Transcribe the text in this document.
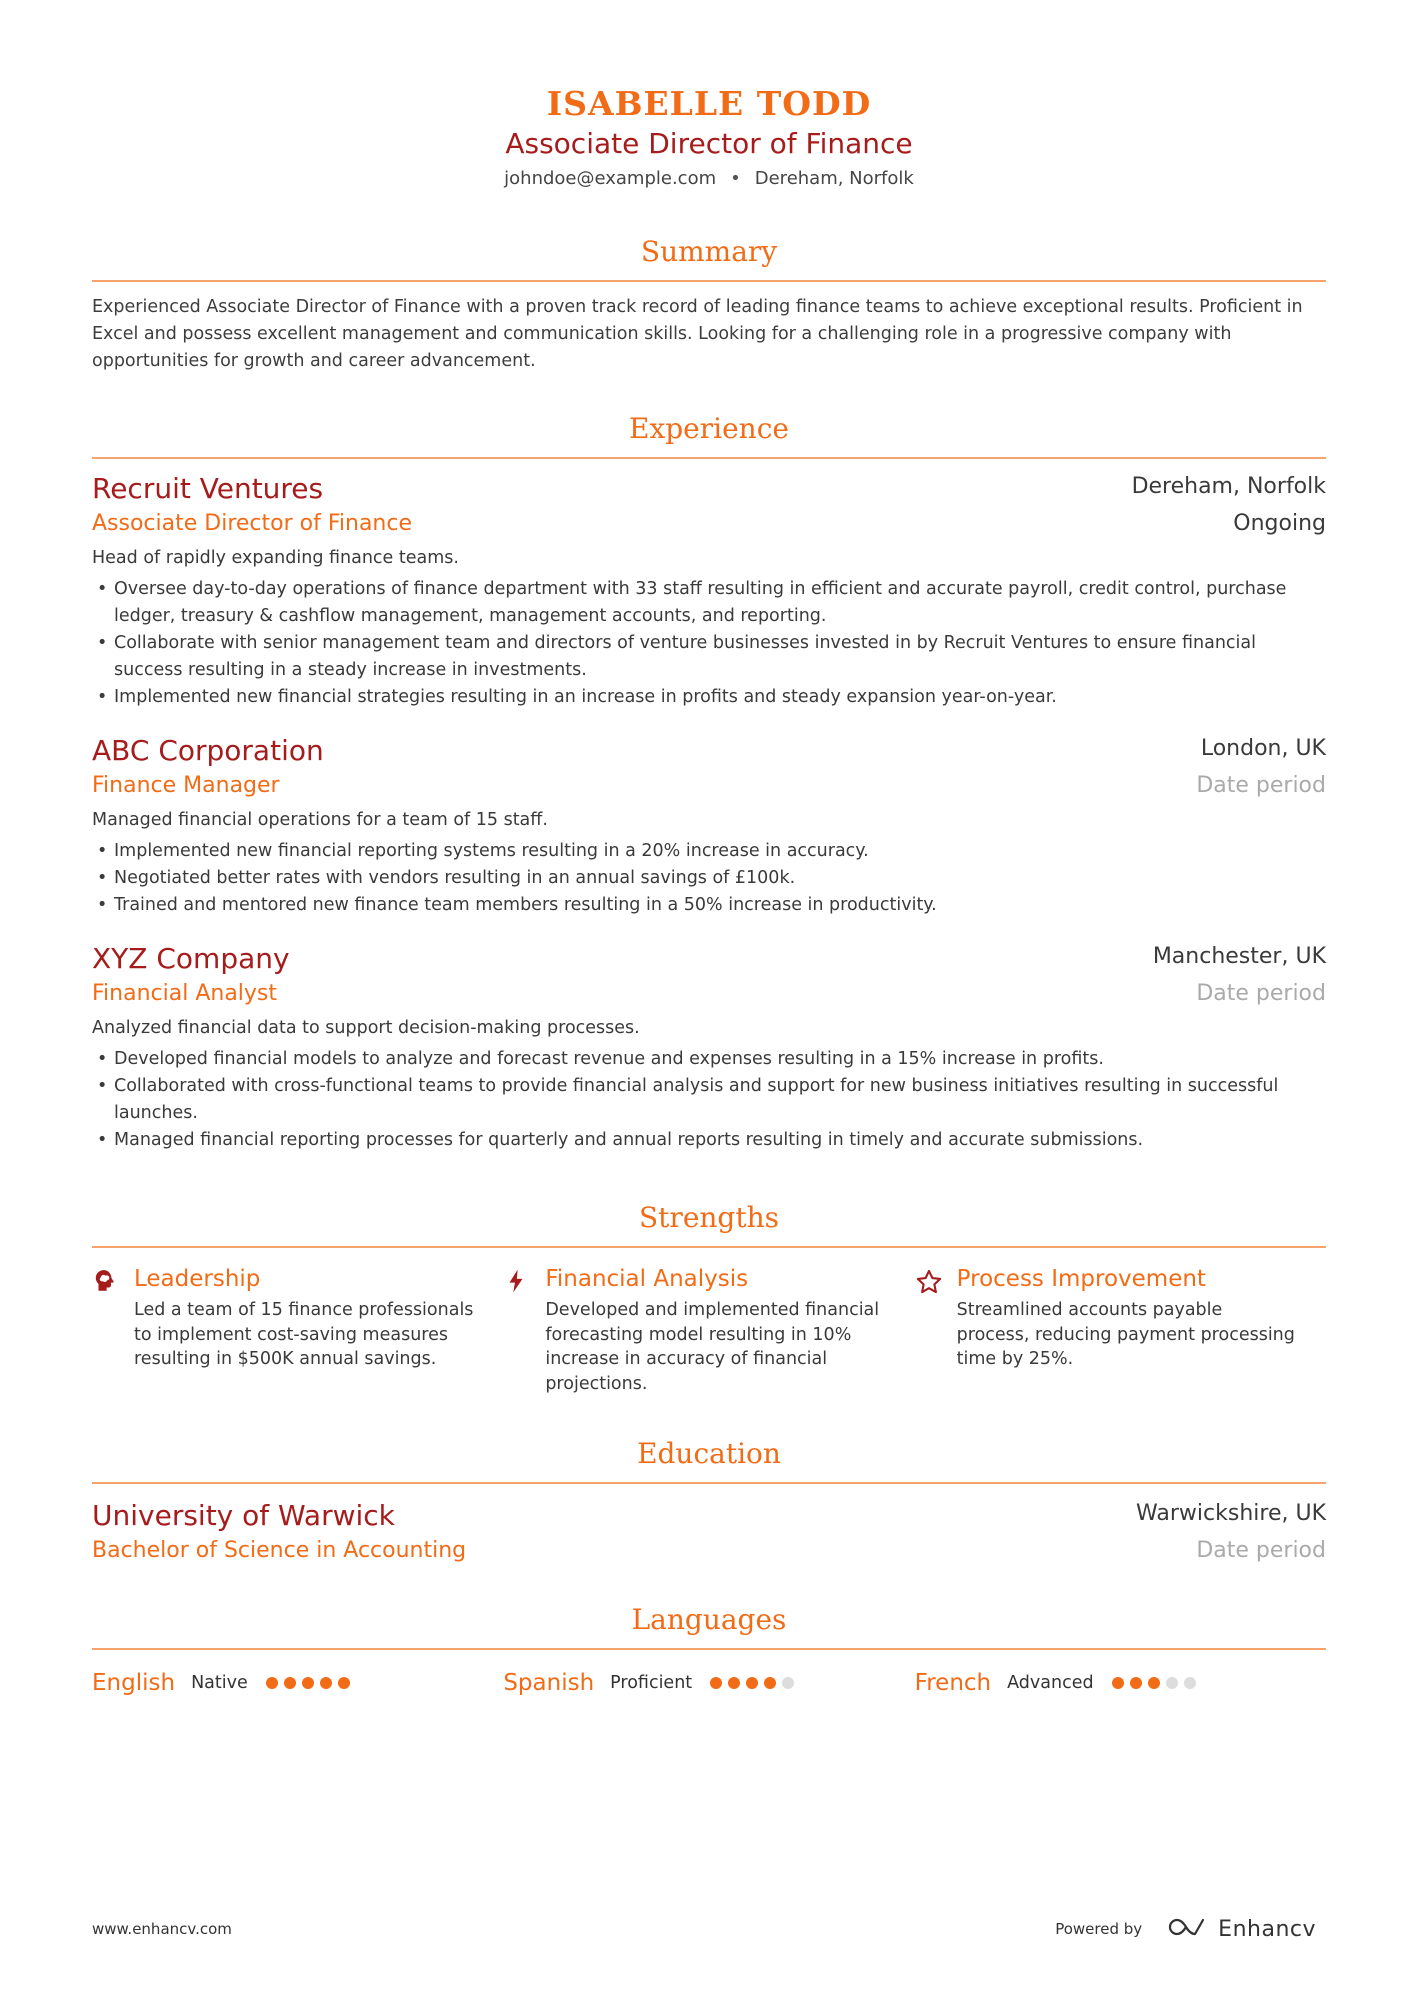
ISABELLE TODD
Associate Director of Finance
johndoe@example.com • Dereham, Norfolk
Summary
Experienced Associate Director of Finance with a proven track record of leading finance teams to achieve exceptional results. Proficient in Excel and possess excellent management and communication skills. Looking for a challenging role in a progressive company with opportunities for growth and career advancement.
Experience
Recruit Ventures	Dereham, Norfolk
Associate Director of Finance	Ongoing
Head of rapidly expanding finance teams.
• Oversee day-to-day operations of finance department with 33 staff resulting in efficient and accurate payroll, credit control, purchase ledger, treasury & cashflow management, management accounts, and reporting.
• Collaborate with senior management team and directors of venture businesses invested in by Recruit Ventures to ensure financial success resulting in a steady increase in investments.
• Implemented new financial strategies resulting in an increase in profits and steady expansion year-on-year.
ABC Corporation	London, UK
Finance Manager	Date period
Managed financial operations for a team of 15 staff.
• Implemented new financial reporting systems resulting in a 20% increase in accuracy.
• Negotiated better rates with vendors resulting in an annual savings of £100k.
• Trained and mentored new finance team members resulting in a 50% increase in productivity.
XYZ Company	Manchester, UK
Financial Analyst	Date period
Analyzed financial data to support decision-making processes.
• Developed financial models to analyze and forecast revenue and expenses resulting in a 15% increase in profits.
• Collaborated with cross-functional teams to provide financial analysis and support for new business initiatives resulting in successful launches.
• Managed financial reporting processes for quarterly and annual reports resulting in timely and accurate submissions.
Strengths
Leadership
Led a team of 15 finance professionals to implement cost-saving measures resulting in $500K annual savings.
Financial Analysis
Developed and implemented financial forecasting model resulting in 10% increase in accuracy of financial projections.
Process Improvement
Streamlined accounts payable process, reducing payment processing time by 25%.
Education
University of Warwick	Warwickshire, UK
Bachelor of Science in Accounting	Date period
Languages
English Native	Spanish Proficient	French Advanced
www.enhancv.com	Powered by	Enhancv
